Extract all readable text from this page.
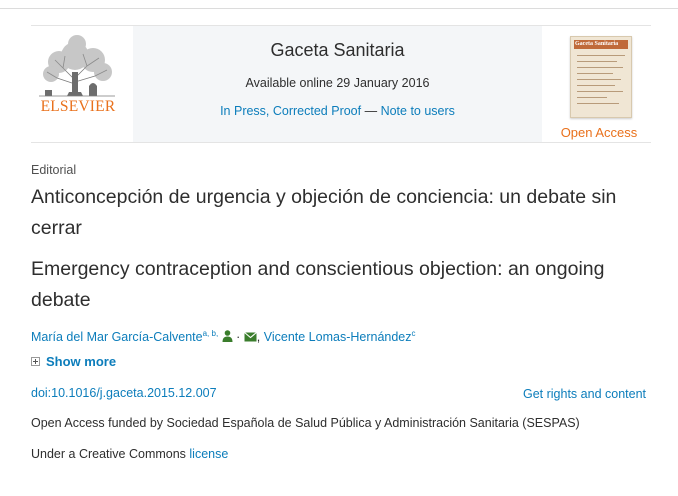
ELSEVIER
Gaceta Sanitaria
Available online 29 January 2016
In Press, Corrected Proof — Note to users
Gaceta Sanitaria
Open Access
Editorial
Anticoncepción de urgencia y objeción de conciencia: un debate sin cerrar
Emergency contraception and conscientious objection: an ongoing debate
María del Mar García-Calvente$^{a, b,}$  · , Vicente Lomas-Hernández$^c$
Show more
doi:10.1016/j.gaceta.2015.12.007	Get rights and content
Open Access funded by Sociedad Española de Salud Pública y Administración Sanitaria (SESPAS)
Under a Creative Commons license
